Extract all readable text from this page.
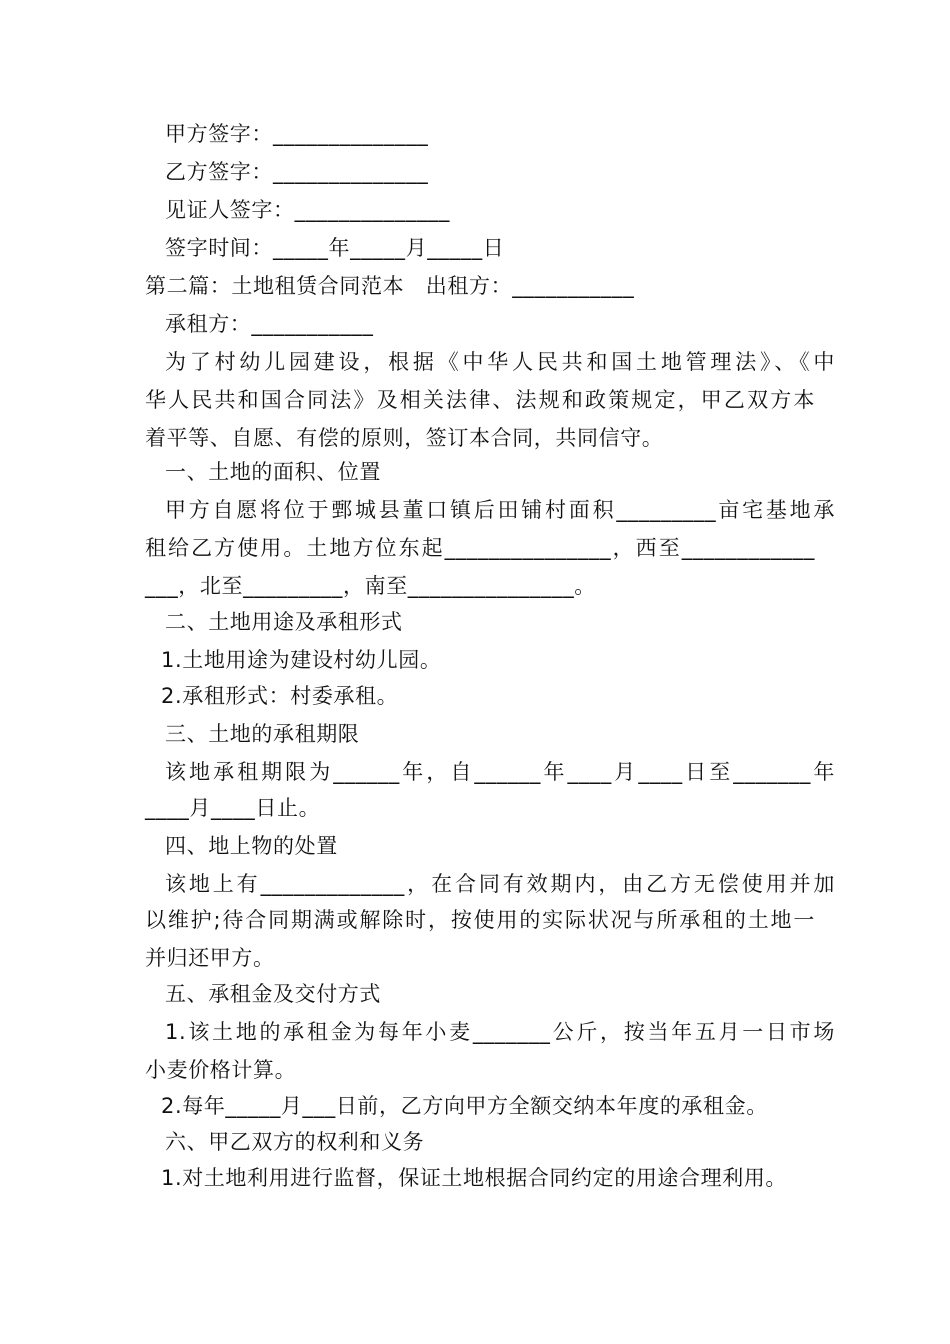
甲方签字：______________
乙方签字：______________
见证人签字：______________
签字时间：_____年_____月_____日
第二篇：土地租赁合同范本　出租方：___________
承租方：___________
为了村幼儿园建设，根据《中华人民共和国土地管理法》、《中
华人民共和国合同法》及相关法律、法规和政策规定，甲乙双方本
着平等、自愿、有偿的原则，签订本合同，共同信守。
一、土地的面积、位置
甲方自愿将位于鄄城县董口镇后田铺村面积_________亩宅基地承
租给乙方使用。土地方位东起_______________，西至____________
___，北至_________，南至_______________。
二、土地用途及承租形式
1.土地用途为建设村幼儿园。
2.承租形式：村委承租。
三、土地的承租期限
该地承租期限为______年，自______年____月____日至_______年
____月____日止。
四、地上物的处置
该地上有_____________，在合同有效期内，由乙方无偿使用并加
以维护;待合同期满或解除时，按使用的实际状况与所承租的土地一
并归还甲方。
五、承租金及交付方式
1.该土地的承租金为每年小麦_______公斤，按当年五月一日市场
小麦价格计算。
2.每年_____月___日前，乙方向甲方全额交纳本年度的承租金。
六、甲乙双方的权利和义务
1.对土地利用进行监督，保证土地根据合同约定的用途合理利用。
